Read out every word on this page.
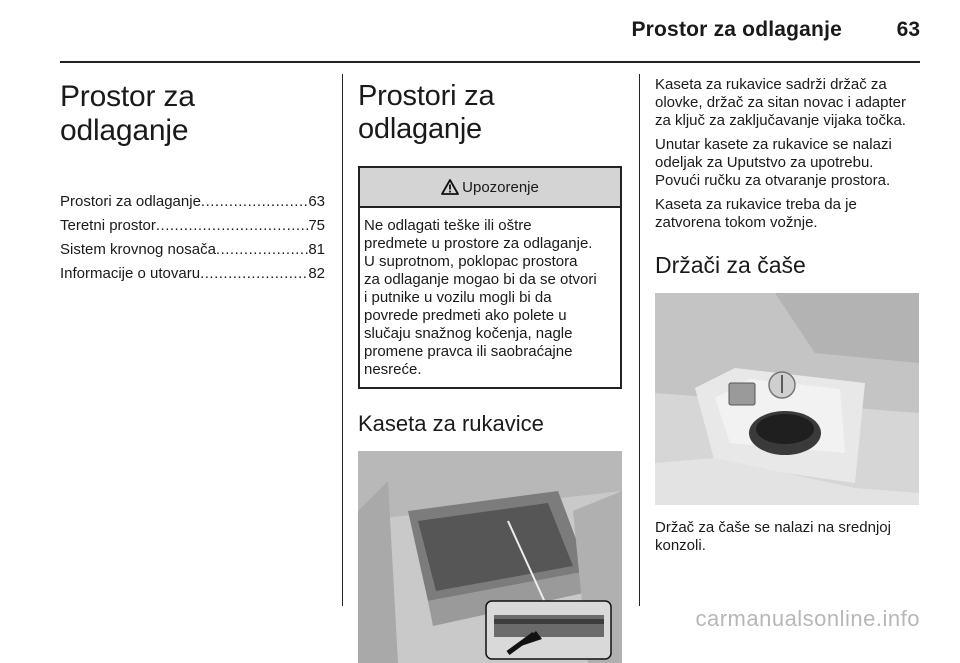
Prostor za odlaganje	63
Prostor za odlaganje
Prostori za odlaganje .....	63
Teretni prostor .....	75
Sistem krovnog nosača .....	81
Informacije o utovaru .....	82
Prostori za odlaganje
Upozorenje
Ne odlagati teške ili oštre
predmete u prostore za odlaganje.
U suprotnom, poklopac prostora
za odlaganje mogao bi da se otvori
i putnike u vozilu mogli bi da
povrede predmeti ako polete u
slučaju snažnog kočenja, nagle
promene pravca ili saobraćajne
nesreće.
Kaseta za rukavice
Kaseta za rukavice sadrži držač za
olovke, držač za sitan novac i adapter
za ključ za zaključavanje vijaka točka.
Unutar kasete za rukavice se nalazi
odeljak za Uputstvo za upotrebu.
Povući ručku za otvaranje prostora.
Kaseta za rukavice treba da je
zatvorena tokom vožnje.
Držači za čaše
Držač za čaše se nalazi na srednjoj
konzoli.
carmanualsonline.info
